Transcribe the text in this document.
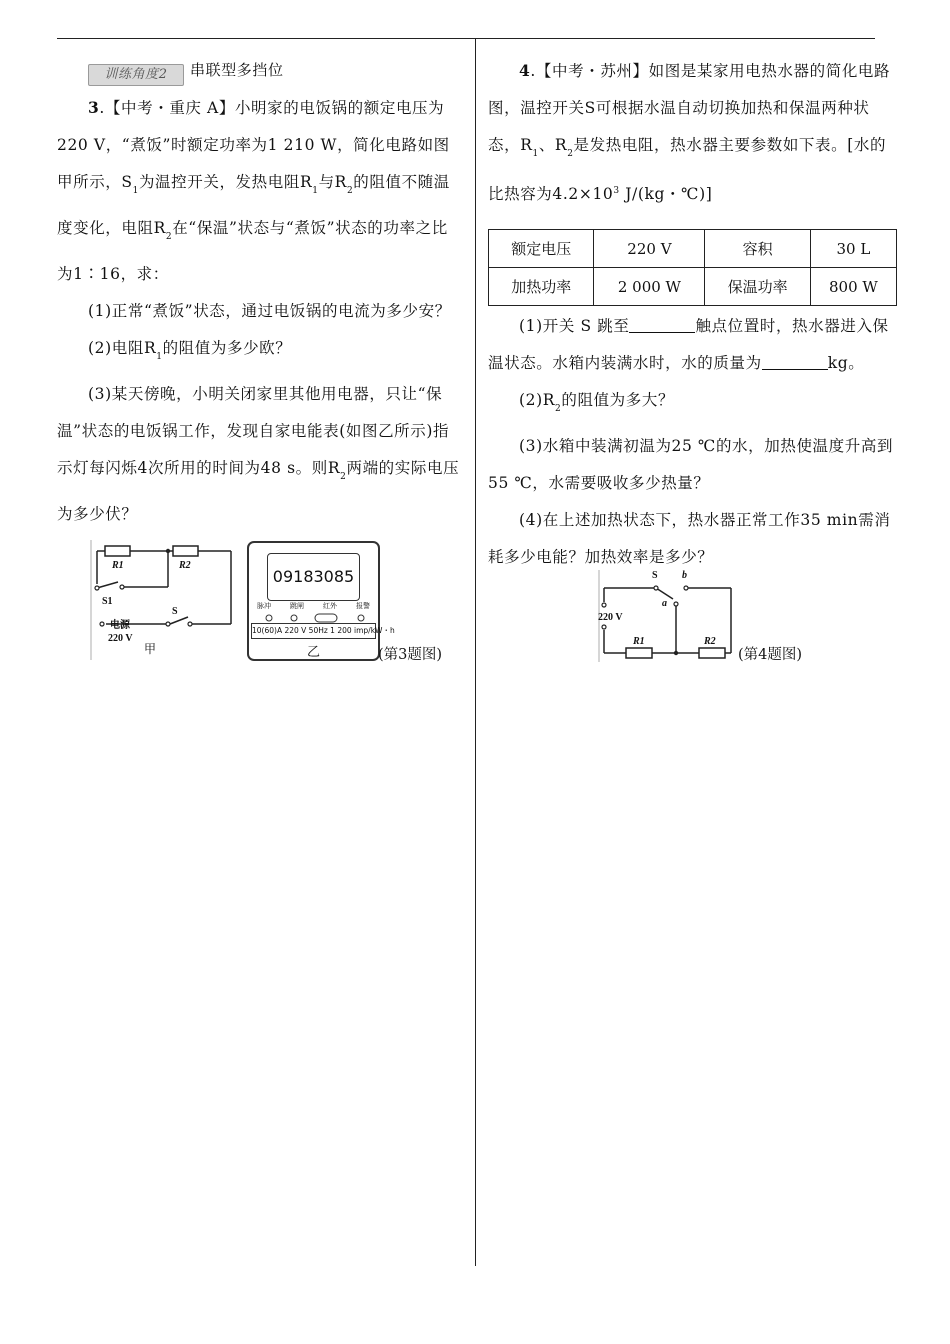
训练角度2 串联型多挡位

3.【中考・重庆 A】小明家的电饭锅的额定电压为220 V，“煮饭”时额定功率为1 210 W，简化电路如图甲所示，$S_1$为温控开关，发热电阻$R_1$与$R_2$的阻值不随温度变化，电阻$R_2$在“保温”状态与“煮饭”状态的功率之比为1∶16，求：

(1)正常“煮饭”状态，通过电饭锅的电流为多少安？

(2)电阻$R_1$的阻值为多少欧？

(3)某天傍晚，小明关闭家里其他用电器，只让“保温”状态的电饭锅工作，发现自家电能表(如图乙所示)指示灯每闪烁4次所用的时间为48 s。则$R_2$两端的实际电压为多少伏？

R1	R2
S1
S
电源
220 V
甲
09183085
脉冲	跳闸	红外	报警
10(60)A 220 V 50Hz 1 200 imp/kW・h
乙	(第3题图)

4.【中考・苏州】如图是某家用电热水器的简化电路图，温控开关S可根据水温自动切换加热和保温两种状态，$R_1$、$R_2$是发热电阻，热水器主要参数如下表。[水的比热容为$4.2\times 10^3$ J/(kg・℃)]

额定电压	220 V	容积	30 L
加热功率	2 000 W	保温功率	800 W

(1)开关 S 跳至	触点位置时，热水器进入保温状态。水箱内装满水时，水的质量为	kg。

$(2)R_2$的阻值为多大？

(3)水箱中装满初温为25 ℃的水，加热使温度升高到55 ℃，水需要吸收多少热量？

(4)在上述加热状态下，热水器正常工作35 min需消耗多少电能？加热效率是多少？

S b
a
220 V
R1	R2
(第4题图)
